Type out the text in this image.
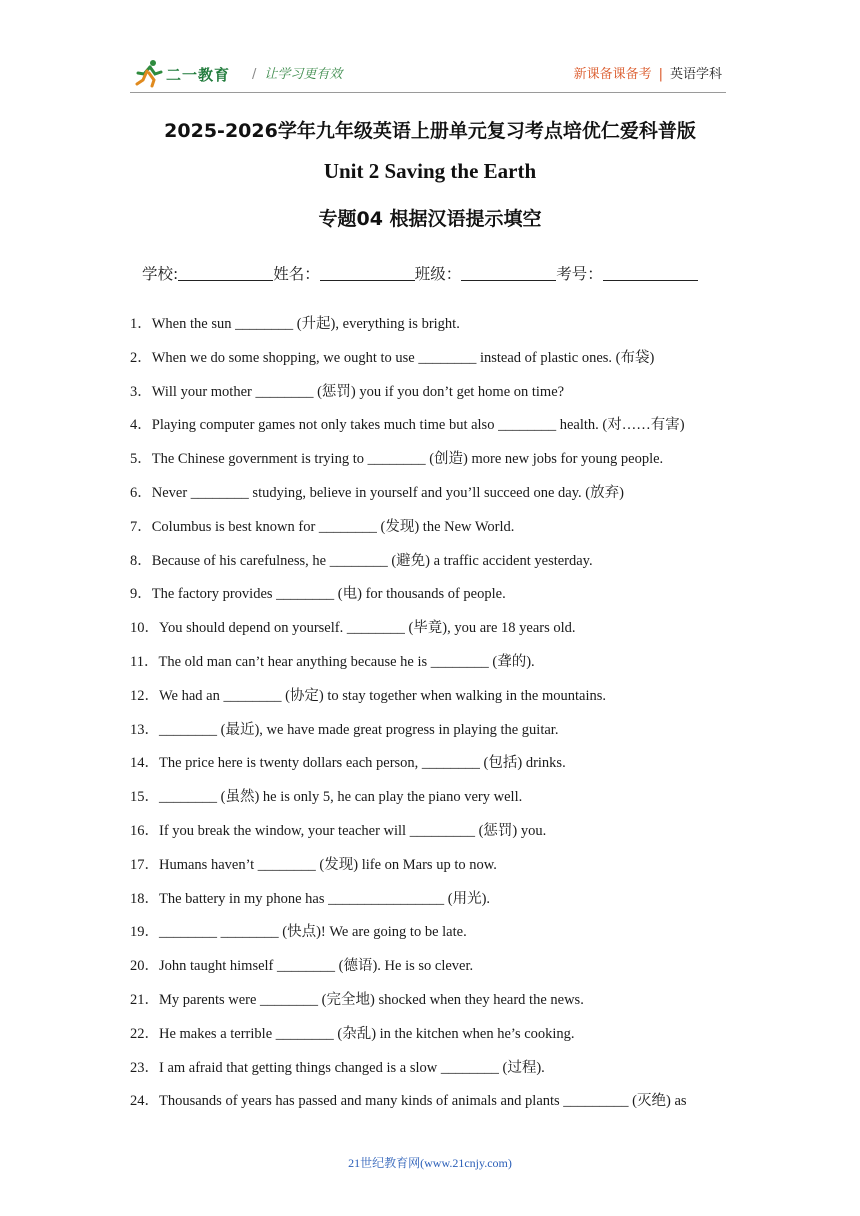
二一教育 / 让学习更有效	新课备课备考 | 英语学科
2025-2026学年九年级英语上册单元复习考点培优仁爱科普版
Unit 2 Saving the Earth
专题04 根据汉语提示填空
学校:	姓名：	班级：	考号：
1．When the sun ________ (升起), everything is bright.
2．When we do some shopping, we ought to use ________ instead of plastic ones. (布袋)
3．Will your mother ________ (惩罚) you if you don’t get home on time?
4．Playing computer games not only takes much time but also ________ health. (对……有害)
5．The Chinese government is trying to ________ (创造) more new jobs for young people.
6．Never ________ studying, believe in yourself and you’ll succeed one day. (放弃)
7．Columbus is best known for ________ (发现) the New World.
8．Because of his carefulness, he ________ (避免) a traffic accident yesterday.
9．The factory provides ________ (电) for thousands of people.
10．You should depend on yourself. ________ (毕竟), you are 18 years old.
11．The old man can’t hear anything because he is ________ (聋的).
12．We had an ________ (协定) to stay together when walking in the mountains.
13．________ (最近), we have made great progress in playing the guitar.
14．The price here is twenty dollars each person, ________ (包括) drinks.
15．________ (虽然) he is only 5, he can play the piano very well.
16．If you break the window, your teacher will _________ (惩罚) you.
17．Humans haven’t ________ (发现) life on Mars up to now.
18．The battery in my phone has ________________ (用光).
19．________ ________ (快点)! We are going to be late.
20．John taught himself ________ (德语). He is so clever.
21．My parents were ________ (完全地) shocked when they heard the news.
22．He makes a terrible ________ (杂乱) in the kitchen when he’s cooking.
23．I am afraid that getting things changed is a slow ________ (过程).
24．Thousands of years has passed and many kinds of animals and plants _________ (灭绝) as
21世纪教育网(www.21cnjy.com)
